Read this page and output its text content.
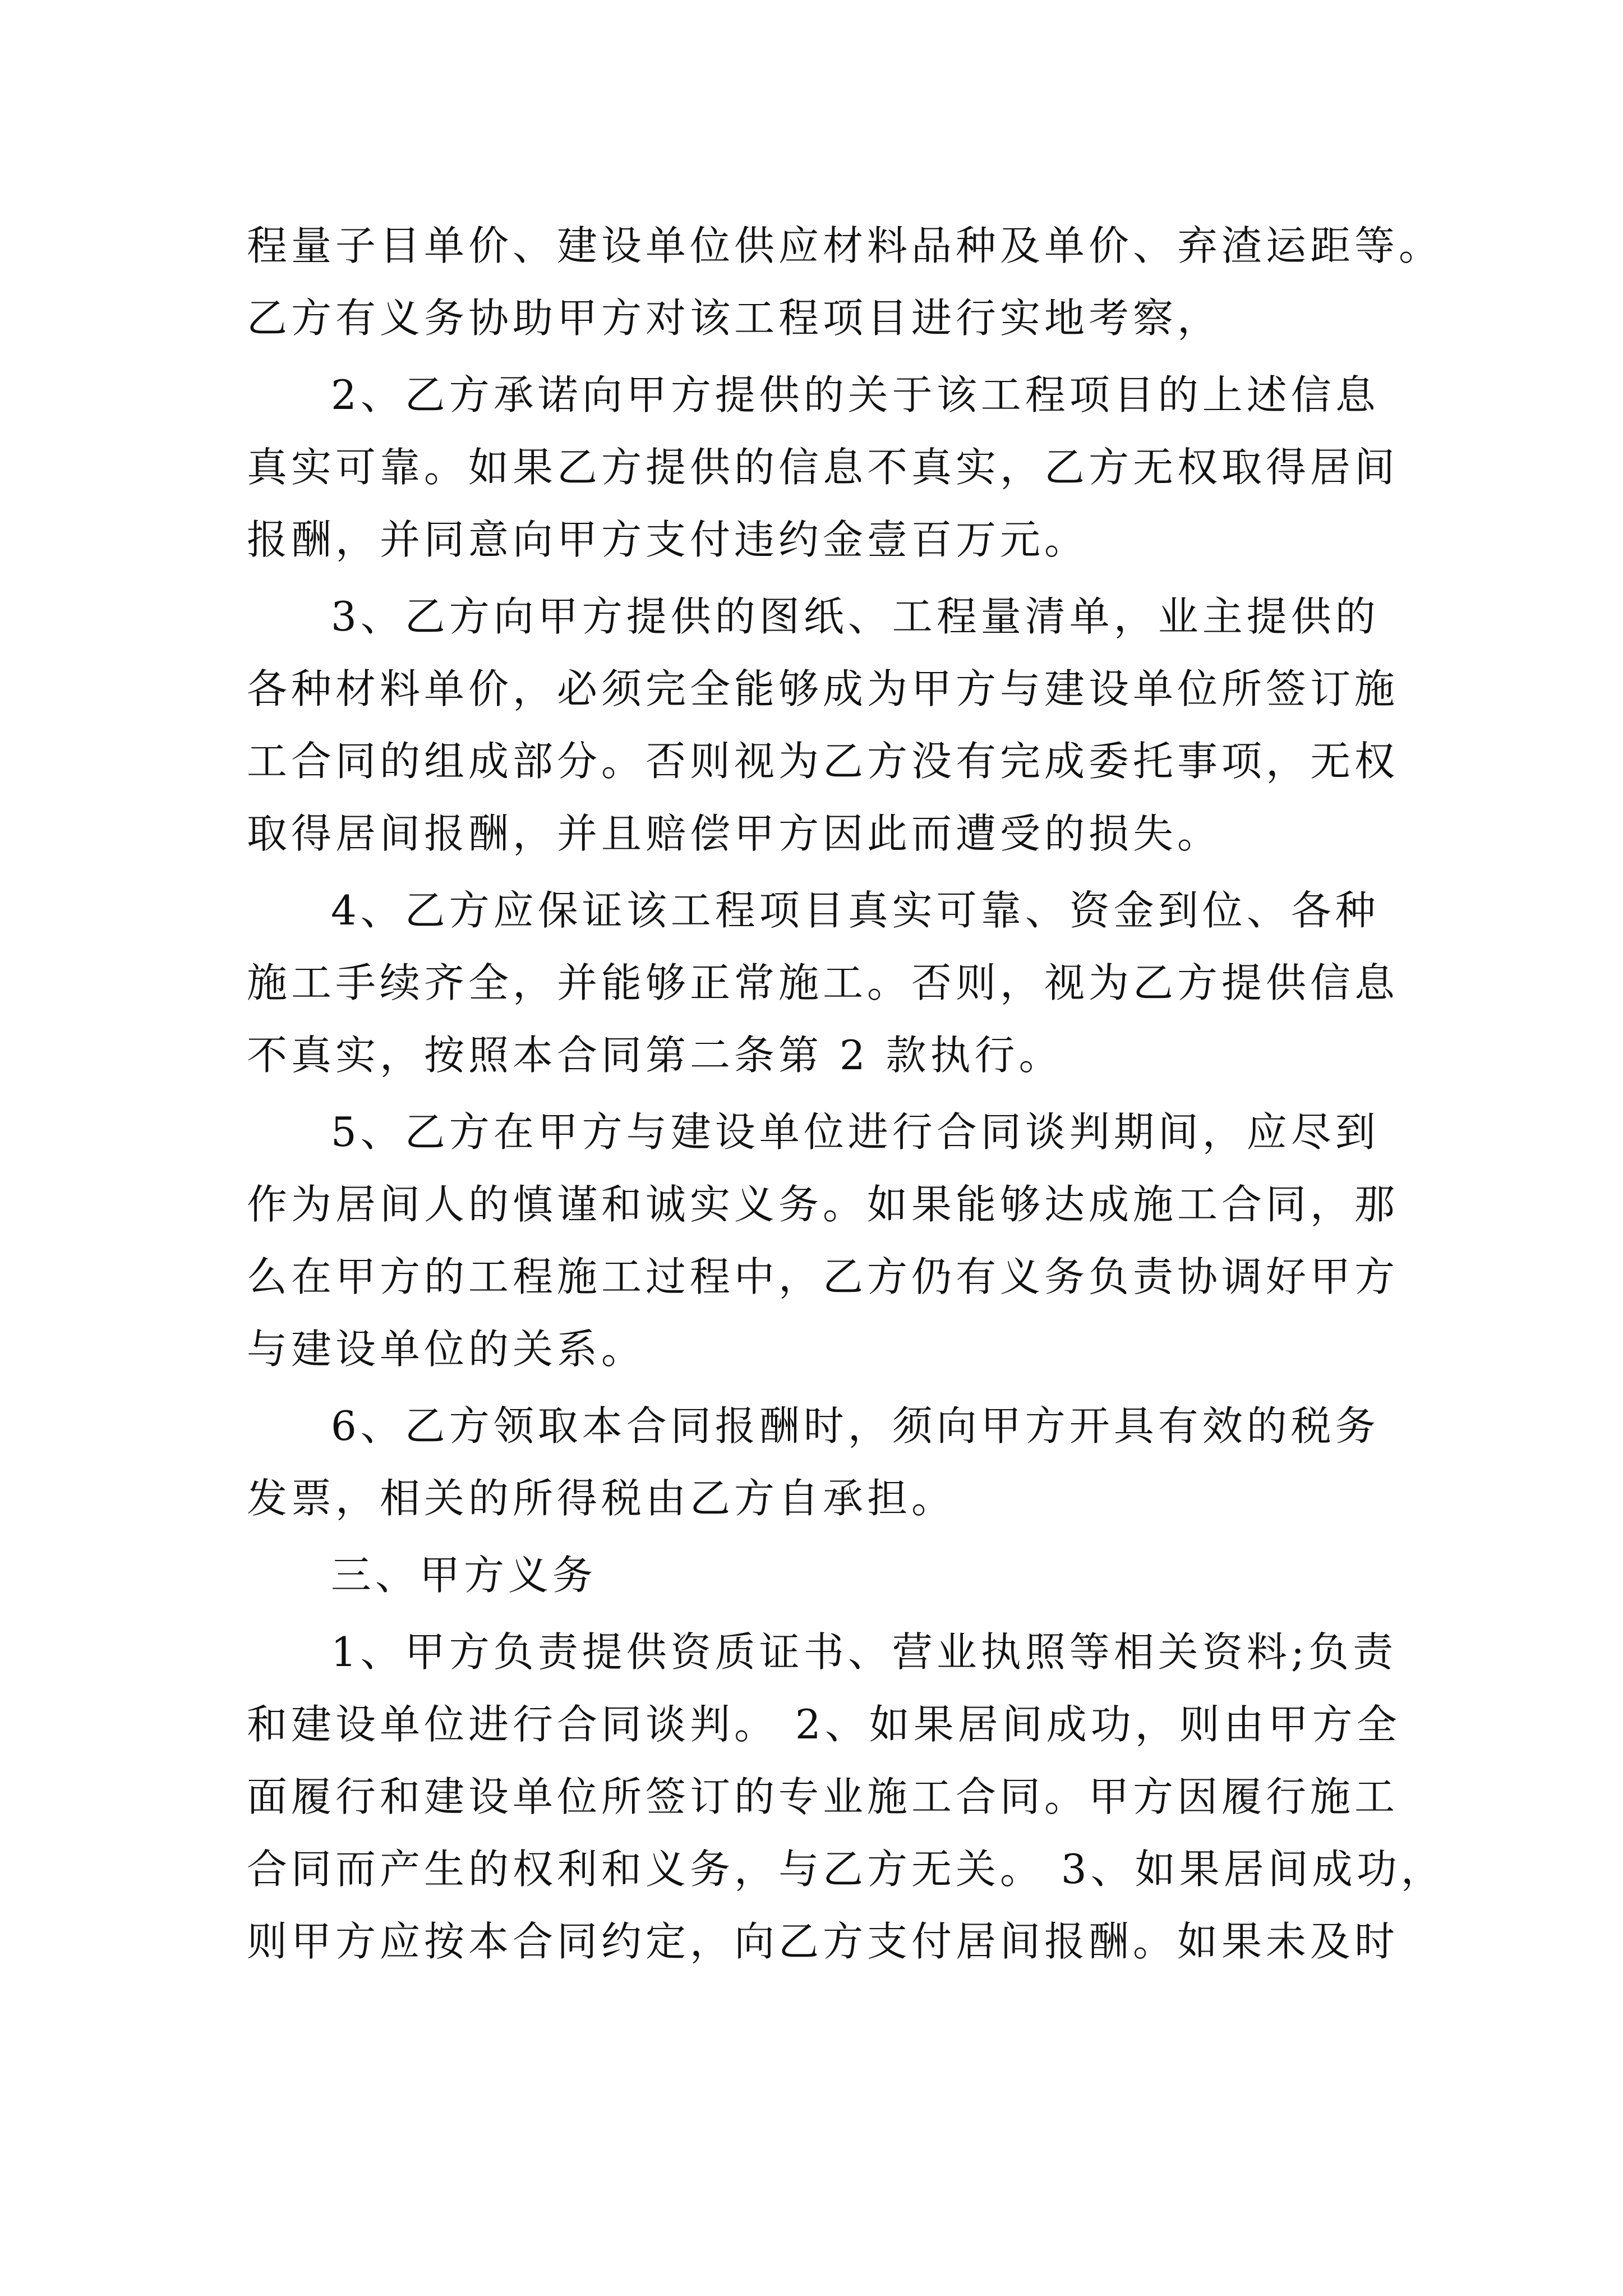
程量子目单价、建设单位供应材料品种及单价、弃渣运距等。
乙方有义务协助甲方对该工程项目进行实地考察，
2、乙方承诺向甲方提供的关于该工程项目的上述信息
真实可靠。如果乙方提供的信息不真实，乙方无权取得居间
报酬，并同意向甲方支付违约金壹百万元。
3、乙方向甲方提供的图纸、工程量清单，业主提供的
各种材料单价，必须完全能够成为甲方与建设单位所签订施
工合同的组成部分。否则视为乙方没有完成委托事项，无权
取得居间报酬，并且赔偿甲方因此而遭受的损失。
4、乙方应保证该工程项目真实可靠、资金到位、各种
施工手续齐全，并能够正常施工。否则，视为乙方提供信息
不真实，按照本合同第二条第 2 款执行。
5、乙方在甲方与建设单位进行合同谈判期间，应尽到
作为居间人的慎谨和诚实义务。如果能够达成施工合同，那
么在甲方的工程施工过程中，乙方仍有义务负责协调好甲方
与建设单位的关系。
6、乙方领取本合同报酬时，须向甲方开具有效的税务
发票，相关的所得税由乙方自承担。
三、甲方义务
1、甲方负责提供资质证书、营业执照等相关资料;负责
和建设单位进行合同谈判。 2、如果居间成功，则由甲方全
面履行和建设单位所签订的专业施工合同。甲方因履行施工
合同而产生的权利和义务，与乙方无关。 3、如果居间成功，
则甲方应按本合同约定，向乙方支付居间报酬。如果未及时
